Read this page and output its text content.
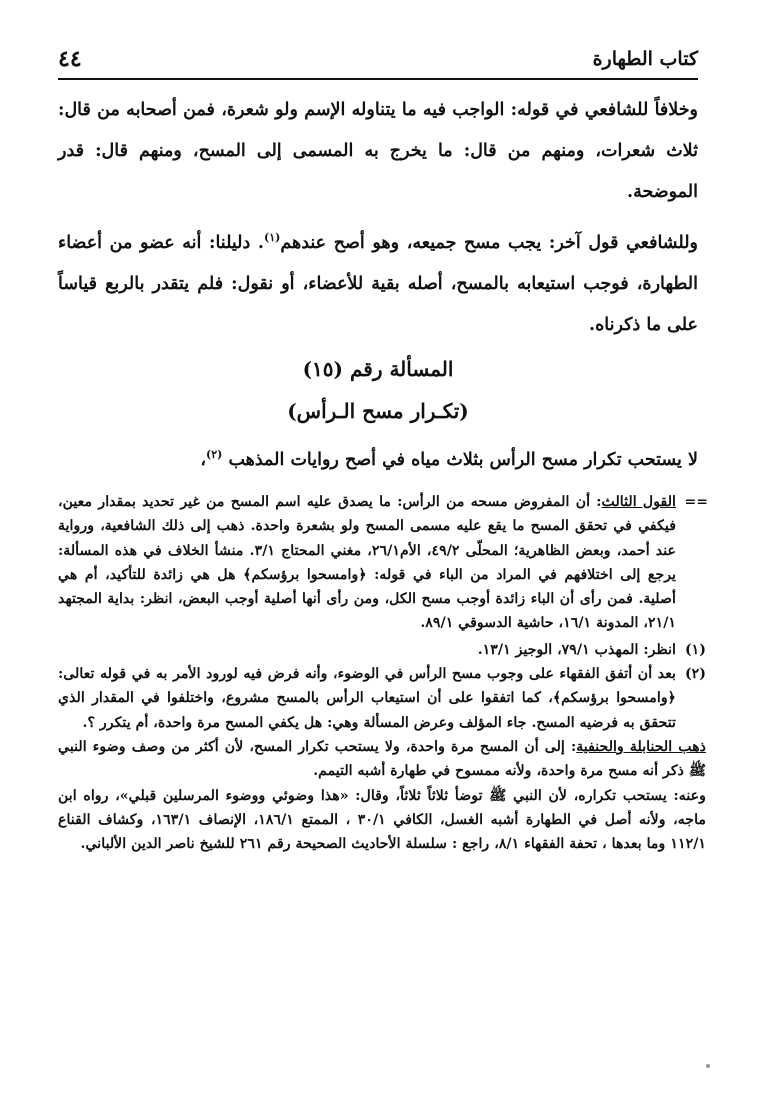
كتاب الطهارة
٤٤

وخلافاً للشافعي في قوله: الواجب فيه ما يتناوله الإسم ولو شعرة، فمن أصحابه من قال: ثلاث شعرات، ومنهم من قال: ما يخرج به المسمى إلى المسح، ومنهم قال: قدر الموضحة.

وللشافعي قول آخر: يجب مسح جميعه، وهو أصح عندهم$^{(١)}$. دليلنا: أنه عضو من أعضاء الطهارة، فوجب استيعابه بالمسح، أصله بقية للأعضاء، أو نقول: فلم يتقدر بالربع قياساً على ما ذكرناه.

المسألة رقم (١٥)
(تكـرار مسح الـرأس)

لا يستحب تكرار مسح الرأس بثلاث مياه في أصح روايات المذهب $^{(٢)}$،

القول الثالث: أن المفروض مسحه من الرأس: ما يصدق عليه اسم المسح من غير تحديد بمقدار معين، فيكفي في تحقق المسح ما يقع عليه مسمى المسح ولو بشعرة واحدة. ذهب إلى ذلك الشافعية، ورواية عند أحمد، وبعض الظاهرية؛ المحلّى ٤٩/٢، الأم٢٦/١، مغني المحتاج ٣/١. منشأ الخلاف في هذه المسألة: يرجع إلى اختلافهم في المراد من الباء في قوله: ﴿وامسحوا برؤسكم﴾ هل هي زائدة للتأكيد، أم هي أصلية. فمن رأى أن الباء زائدة أوجب مسح الكل، ومن رأى أنها أصلية أوجب البعض، انظر: بداية المجتهد ٢١/١، المدونة ١٦/١، حاشية الدسوقي ٨٩/١.
==
(١)
انظر: المهذب ٧٩/١، الوجيز ١٣/١.
(٢)
بعد أن أتفق الفقهاء على وجوب مسح الرأس في الوضوء، وأنه فرض فيه لورود الأمر به في قوله تعالى: ﴿وامسحوا برؤسكم﴾، كما اتفقوا على أن استيعاب الرأس بالمسح مشروع، واختلفوا في المقدار الذي تتحقق به فرضيه المسح. جاء المؤلف وعرض المسألة وهي: هل يكفي المسح مرة واحدة، أم يتكرر ؟.
ذهب الحنابلة والحنفية: إلى أن المسح مرة واحدة، ولا يستحب تكرار المسح، لأن أكثر من وصف وضوء النبي ﷺ ذكر أنه مسح مرة واحدة، ولأنه ممسوح في طهارة أشبه التيمم.
وعنه: يستحب تكراره، لأن النبي ﷺ توضأ ثلاثاً ثلاثاً، وقال: «هذا وضوئي ووضوء المرسلين قبلي»، رواه ابن ماجه، ولأنه أصل في الطهارة أشبه الغسل، الكافي ٣٠/١ ، الممتع ١٨٦/١، الإنصاف ١٦٣/١، وكشاف القناع ١١٢/١ وما بعدها ، تحفة الفقهاء ٨/١، راجع : سلسلة الأحاديث الصحيحة رقم ٢٦١ للشيخ ناصر الدين الألباني.
